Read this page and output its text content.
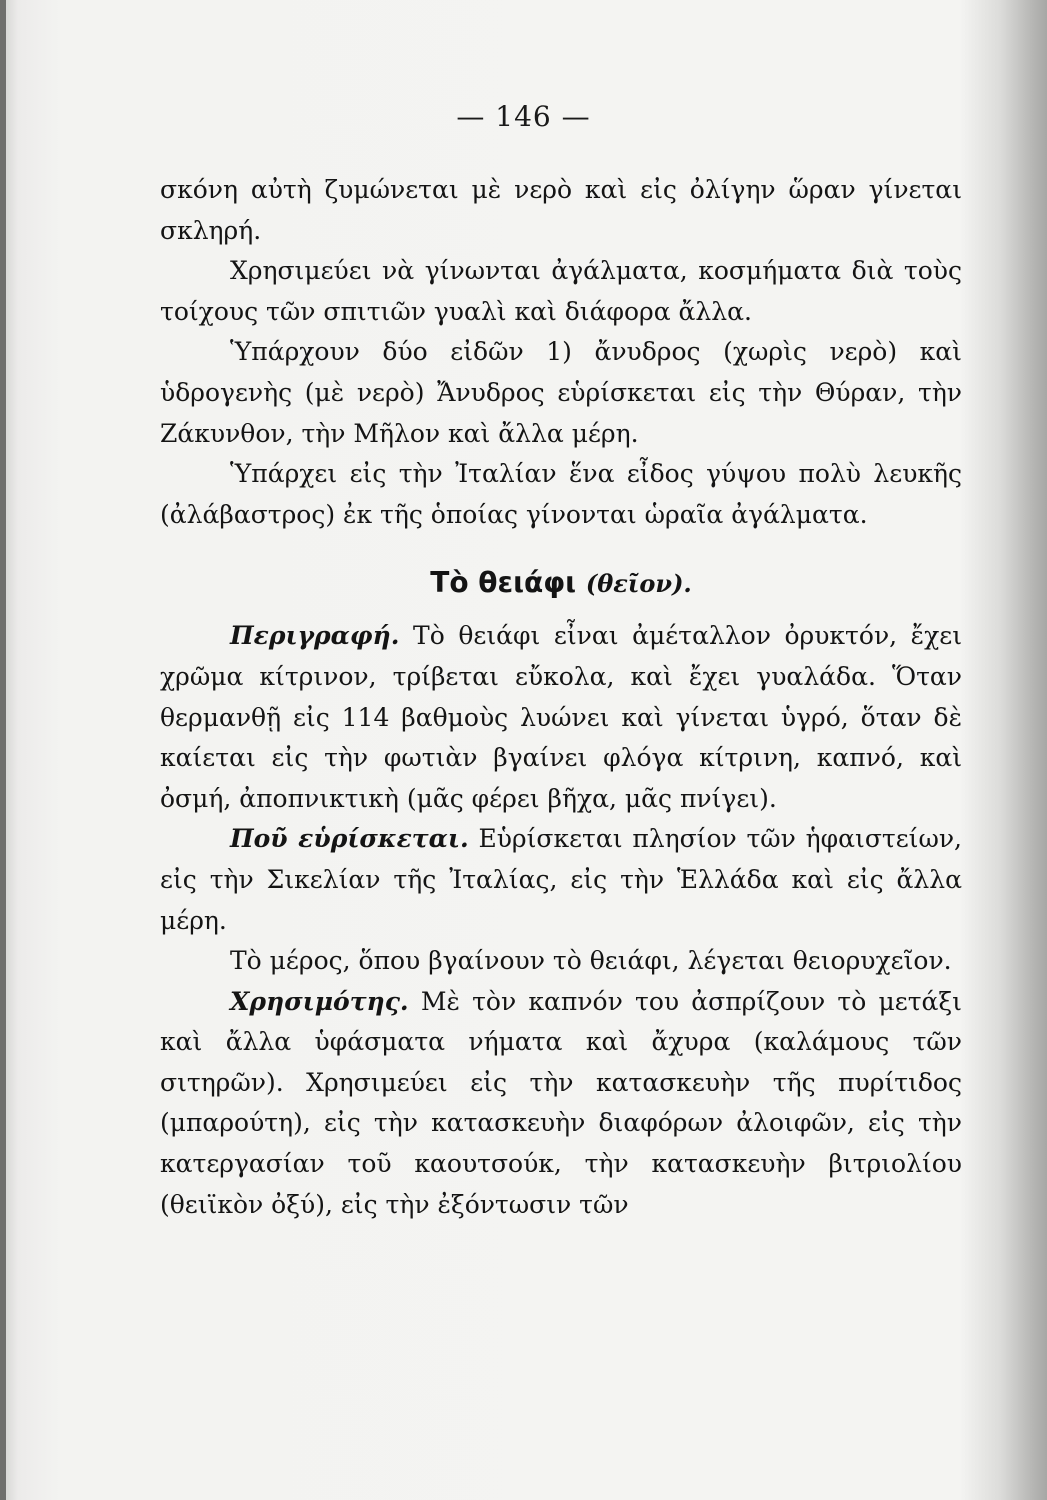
— 146 —

σκόνη αὐτὴ ζυμώνεται μὲ νερὸ καὶ εἰς ὀλίγην ὥραν γίνεται σκληρή.

Χρησιμεύει νὰ γίνωνται ἀγάλματα, κοσμήματα διὰ τοὺς τοίχους τῶν σπιτιῶν γυαλὶ καὶ διάφορα ἄλλα.

Ὑπάρχουν δύο εἰδῶν 1) ἄνυδρος (χωρὶς νερὸ) καὶ ὑδρογενὴς (μὲ νερὸ) Ἄνυδρος εὑρίσκεται εἰς τὴν Θύραν, τὴν Ζάκυνθον, τὴν Μῆλον καὶ ἄλλα μέρη.

Ὑπάρχει εἰς τὴν Ἰταλίαν ἕνα εἶδος γύψου πολὺ λευκῆς (ἀλάβαστρος) ἐκ τῆς ὁποίας γίνονται ὡραῖα ἀγάλματα.

Τὸ θειάφι (θεῖον).

Περιγραφή. Τὸ θειάφι εἶναι ἀμέταλλον ὀρυκτόν, ἔχει χρῶμα κίτρινον, τρίβεται εὔκολα, καὶ ἔχει γυαλάδα. Ὅταν θερμανθῇ εἰς 114 βαθμοὺς λυώνει καὶ γίνεται ὑγρό, ὅταν δὲ καίεται εἰς τὴν φωτιὰν βγαίνει φλόγα κίτρινη, καπνό, καὶ ὀσμή, ἀποπνικτικὴ (μᾶς φέρει βῆχα, μᾶς πνίγει).

Ποῦ εὑρίσκεται. Εὑρίσκεται πλησίον τῶν ἡφαιστείων, εἰς τὴν Σικελίαν τῆς Ἰταλίας, εἰς τὴν Ἑλλάδα καὶ εἰς ἄλλα μέρη.

Τὸ μέρος, ὅπου βγαίνουν τὸ θειάφι, λέγεται θειορυχεῖον.

Χρησιμότης. Μὲ τὸν καπνόν του ἀσπρίζουν τὸ μετάξι καὶ ἄλλα ὑφάσματα νήματα καὶ ἄχυρα (καλάμους τῶν σιτηρῶν). Χρησιμεύει εἰς τὴν κατασκευὴν τῆς πυρίτιδος (μπαρούτη), εἰς τὴν κατασκευὴν διαφόρων ἀλοιφῶν, εἰς τὴν κατεργασίαν τοῦ καουτσούκ, τὴν κατασκευὴν βιτριολίου (θειϊκὸν ὀξύ), εἰς τὴν ἐξόντωσιν τῶν
